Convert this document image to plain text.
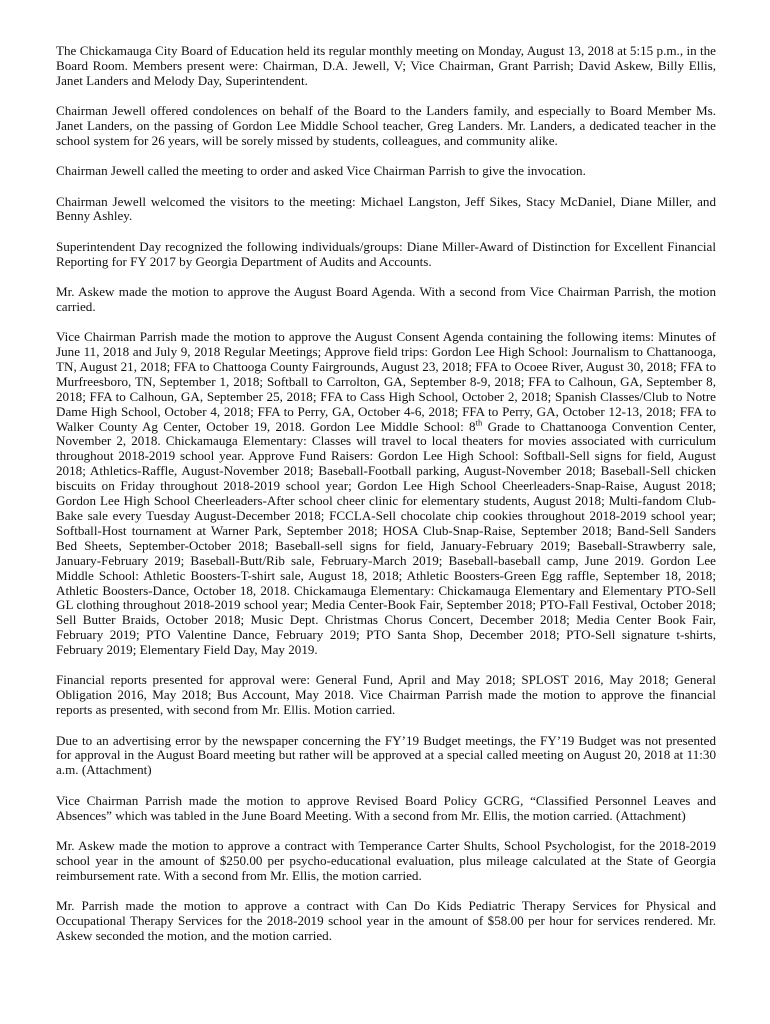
The Chickamauga City Board of Education held its regular monthly meeting on Monday, August 13, 2018 at 5:15 p.m., in the Board Room. Members present were: Chairman, D.A. Jewell, V; Vice Chairman, Grant Parrish; David Askew, Billy Ellis, Janet Landers and Melody Day, Superintendent.

Chairman Jewell offered condolences on behalf of the Board to the Landers family, and especially to Board Member Ms. Janet Landers, on the passing of Gordon Lee Middle School teacher, Greg Landers. Mr. Landers, a dedicated teacher in the school system for 26 years, will be sorely missed by students, colleagues, and community alike.

Chairman Jewell called the meeting to order and asked Vice Chairman Parrish to give the invocation.

Chairman Jewell welcomed the visitors to the meeting: Michael Langston, Jeff Sikes, Stacy McDaniel, Diane Miller, and Benny Ashley.

Superintendent Day recognized the following individuals/groups: Diane Miller-Award of Distinction for Excellent Financial Reporting for FY 2017 by Georgia Department of Audits and Accounts.

Mr. Askew made the motion to approve the August Board Agenda. With a second from Vice Chairman Parrish, the motion carried.

Vice Chairman Parrish made the motion to approve the August Consent Agenda containing the following items: Minutes of June 11, 2018 and July 9, 2018 Regular Meetings; Approve field trips: Gordon Lee High School: Journalism to Chattanooga, TN, August 21, 2018; FFA to Chattooga County Fairgrounds, August 23, 2018; FFA to Ocoee River, August 30, 2018; FFA to Murfreesboro, TN, September 1, 2018; Softball to Carrolton, GA, September 8-9, 2018; FFA to Calhoun, GA, September 8, 2018; FFA to Calhoun, GA, September 25, 2018; FFA to Cass High School, October 2, 2018; Spanish Classes/Club to Notre Dame High School, October 4, 2018; FFA to Perry, GA, October 4-6, 2018; FFA to Perry, GA, October 12-13, 2018; FFA to Walker County Ag Center, October 19, 2018. Gordon Lee Middle School: 8th Grade to Chattanooga Convention Center, November 2, 2018. Chickamauga Elementary: Classes will travel to local theaters for movies associated with curriculum throughout 2018-2019 school year. Approve Fund Raisers: Gordon Lee High School: Softball-Sell signs for field, August 2018; Athletics-Raffle, August-November 2018; Baseball-Football parking, August-November 2018; Baseball-Sell chicken biscuits on Friday throughout 2018-2019 school year; Gordon Lee High School Cheerleaders-Snap-Raise, August 2018; Gordon Lee High School Cheerleaders-After school cheer clinic for elementary students, August 2018; Multi-fandom Club-Bake sale every Tuesday August-December 2018; FCCLA-Sell chocolate chip cookies throughout 2018-2019 school year; Softball-Host tournament at Warner Park, September 2018; HOSA Club-Snap-Raise, September 2018; Band-Sell Sanders Bed Sheets, September-October 2018; Baseball-sell signs for field, January-February 2019; Baseball-Strawberry sale, January-February 2019; Baseball-Butt/Rib sale, February-March 2019; Baseball-baseball camp, June 2019. Gordon Lee Middle School: Athletic Boosters-T-shirt sale, August 18, 2018; Athletic Boosters-Green Egg raffle, September 18, 2018; Athletic Boosters-Dance, October 18, 2018. Chickamauga Elementary: Chickamauga Elementary and Elementary PTO-Sell GL clothing throughout 2018-2019 school year; Media Center-Book Fair, September 2018; PTO-Fall Festival, October 2018; Sell Butter Braids, October 2018; Music Dept. Christmas Chorus Concert, December 2018; Media Center Book Fair, February 2019; PTO Valentine Dance, February 2019; PTO Santa Shop, December 2018; PTO-Sell signature t-shirts, February 2019; Elementary Field Day, May 2019.

Financial reports presented for approval were: General Fund, April and May 2018; SPLOST 2016, May 2018; General Obligation 2016, May 2018; Bus Account, May 2018. Vice Chairman Parrish made the motion to approve the financial reports as presented, with second from Mr. Ellis. Motion carried.

Due to an advertising error by the newspaper concerning the FY’19 Budget meetings, the FY’19 Budget was not presented for approval in the August Board meeting but rather will be approved at a special called meeting on August 20, 2018 at 11:30 a.m. (Attachment)

Vice Chairman Parrish made the motion to approve Revised Board Policy GCRG, “Classified Personnel Leaves and Absences” which was tabled in the June Board Meeting. With a second from Mr. Ellis, the motion carried. (Attachment)

Mr. Askew made the motion to approve a contract with Temperance Carter Shults, School Psychologist, for the 2018-2019 school year in the amount of $250.00 per psycho-educational evaluation, plus mileage calculated at the State of Georgia reimbursement rate. With a second from Mr. Ellis, the motion carried.

Mr. Parrish made the motion to approve a contract with Can Do Kids Pediatric Therapy Services for Physical and Occupational Therapy Services for the 2018-2019 school year in the amount of $58.00 per hour for services rendered. Mr. Askew seconded the motion, and the motion carried.
